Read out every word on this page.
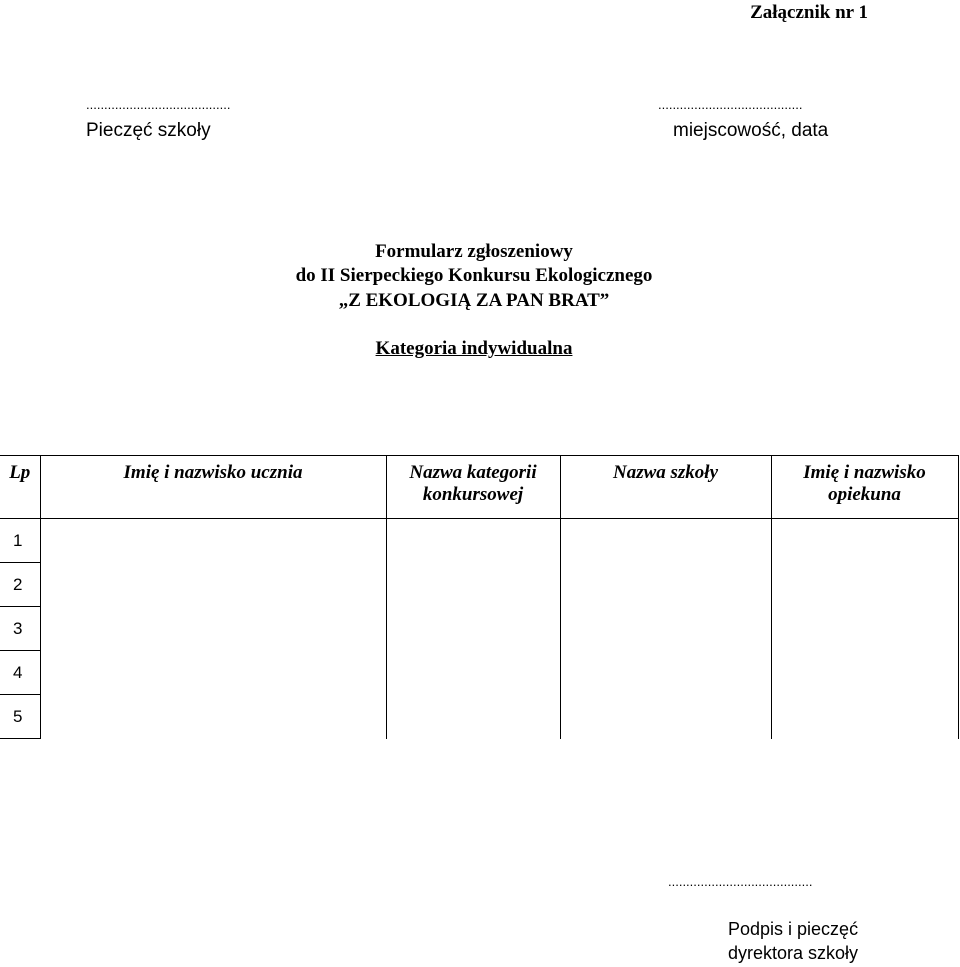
Załącznik nr 1
........................................
Pieczęć szkoły
........................................
miejscowość, data
Formularz zgłoszeniowy
do II Sierpeckiego Konkursu Ekologicznego
„Z EKOLOGIĄ ZA PAN BRAT”
Kategoria indywidualna
Lp	Imię i nazwisko ucznia	Nazwa kategorii konkursowej	Nazwa szkoły	Imię i nazwisko opiekuna
1				
2				
3				
4				
5				
........................................
Podpis i pieczęć
dyrektora szkoły
